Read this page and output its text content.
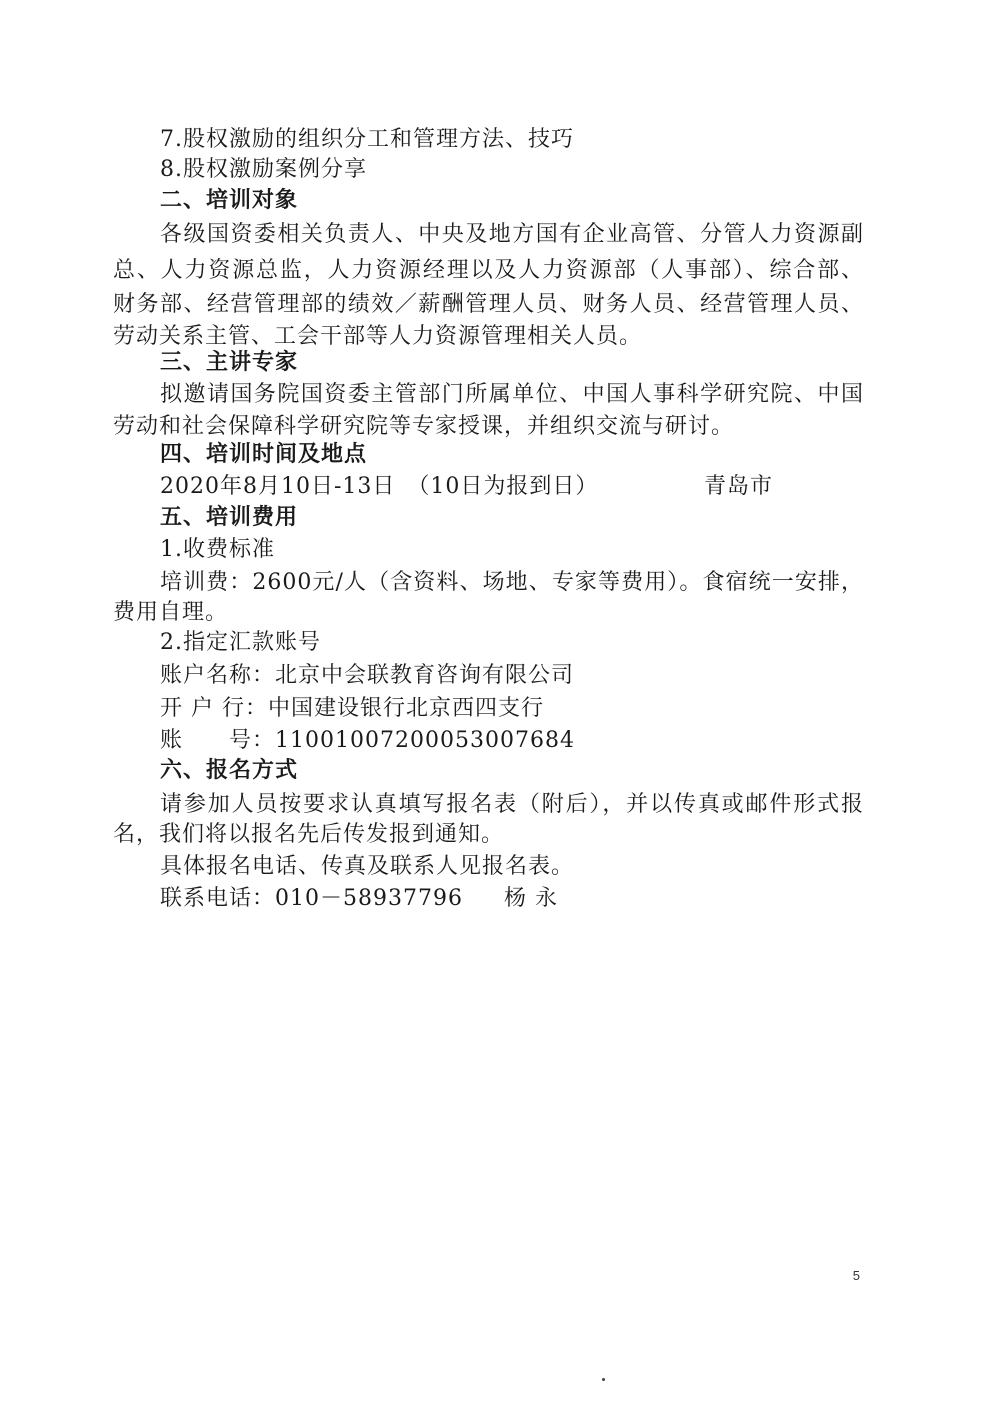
7.股权激励的组织分工和管理方法、技巧
8.股权激励案例分享
二、培训对象
各级国资委相关负责人、中央及地方国有企业高管、分管人力资源副
总、人力资源总监，人力资源经理以及人力资源部（人事部）、综合部、
财务部、经营管理部的绩效／薪酬管理人员、财务人员、经营管理人员、
劳动关系主管、工会干部等人力资源管理相关人员。
三、主讲专家
拟邀请国务院国资委主管部门所属单位、中国人事科学研究院、中国
劳动和社会保障科学研究院等专家授课，并组织交流与研讨。
四、培训时间及地点
2020年8月10日-13日　（10日为报到日）	青岛市
五、培训费用
1.收费标准
培训费：2600元/人（含资料、场地、专家等费用）。食宿统一安排，
费用自理。
2.指定汇款账号
账户名称：北京中会联教育咨询有限公司
开 户 行：中国建设银行北京西四支行
账　　号：11001007200053007684
六、报名方式
请参加人员按要求认真填写报名表（附后），并以传真或邮件形式报
名，我们将以报名先后传发报到通知。
具体报名电话、传真及联系人见报名表。
联系电话：010－58937796 杨 永
5
